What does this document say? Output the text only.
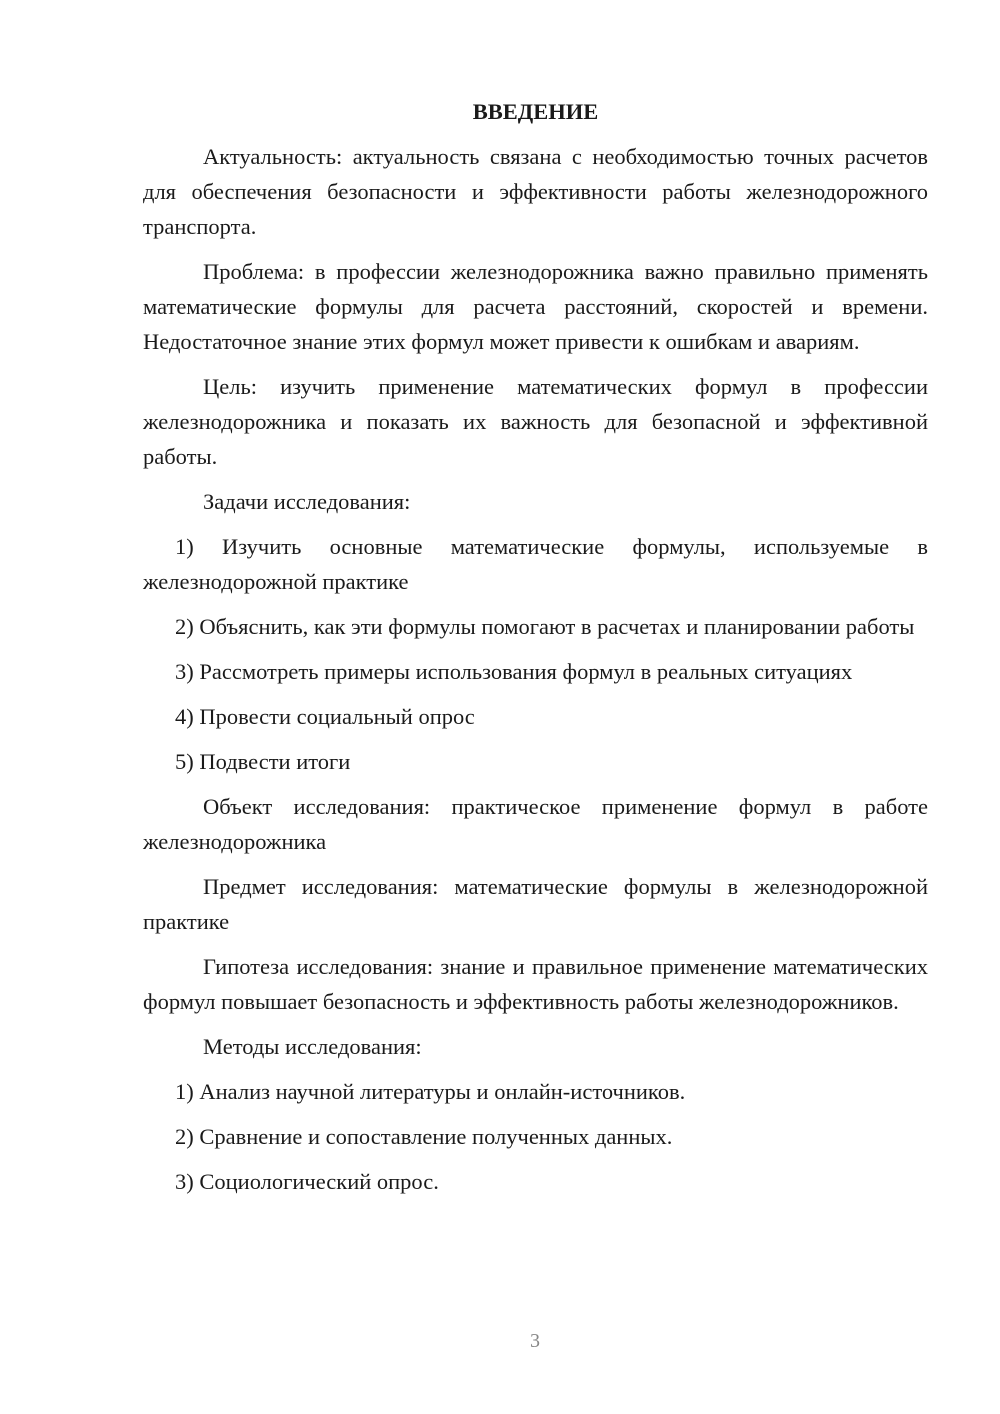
ВВЕДЕНИЕ
Актуальность: актуальность связана с необходимостью точных расчетов для обеспечения безопасности и эффективности работы железнодорожного транспорта.
Проблема: в профессии железнодорожника важно правильно применять математические формулы для расчета расстояний, скоростей и времени. Недостаточное знание этих формул может привести к ошибкам и авариям.
Цель: изучить применение математических формул в профессии железнодорожника и показать их важность для безопасной и эффективной работы.
Задачи исследования:
1) Изучить основные математические формулы, используемые в железнодорожной практике
2) Объяснить, как эти формулы помогают в расчетах и планировании работы
3) Рассмотреть примеры использования формул в реальных ситуациях
4) Провести социальный опрос
5) Подвести итоги
Объект исследования: практическое применение формул в работе железнодорожника
Предмет исследования: математические формулы в железнодорожной практике
Гипотеза исследования: знание и правильное применение математических формул повышает безопасность и эффективность работы железнодорожников.
Методы исследования:
1) Анализ научной литературы и онлайн-источников.
2) Сравнение и сопоставление полученных данных.
3) Социологический опрос.
3
